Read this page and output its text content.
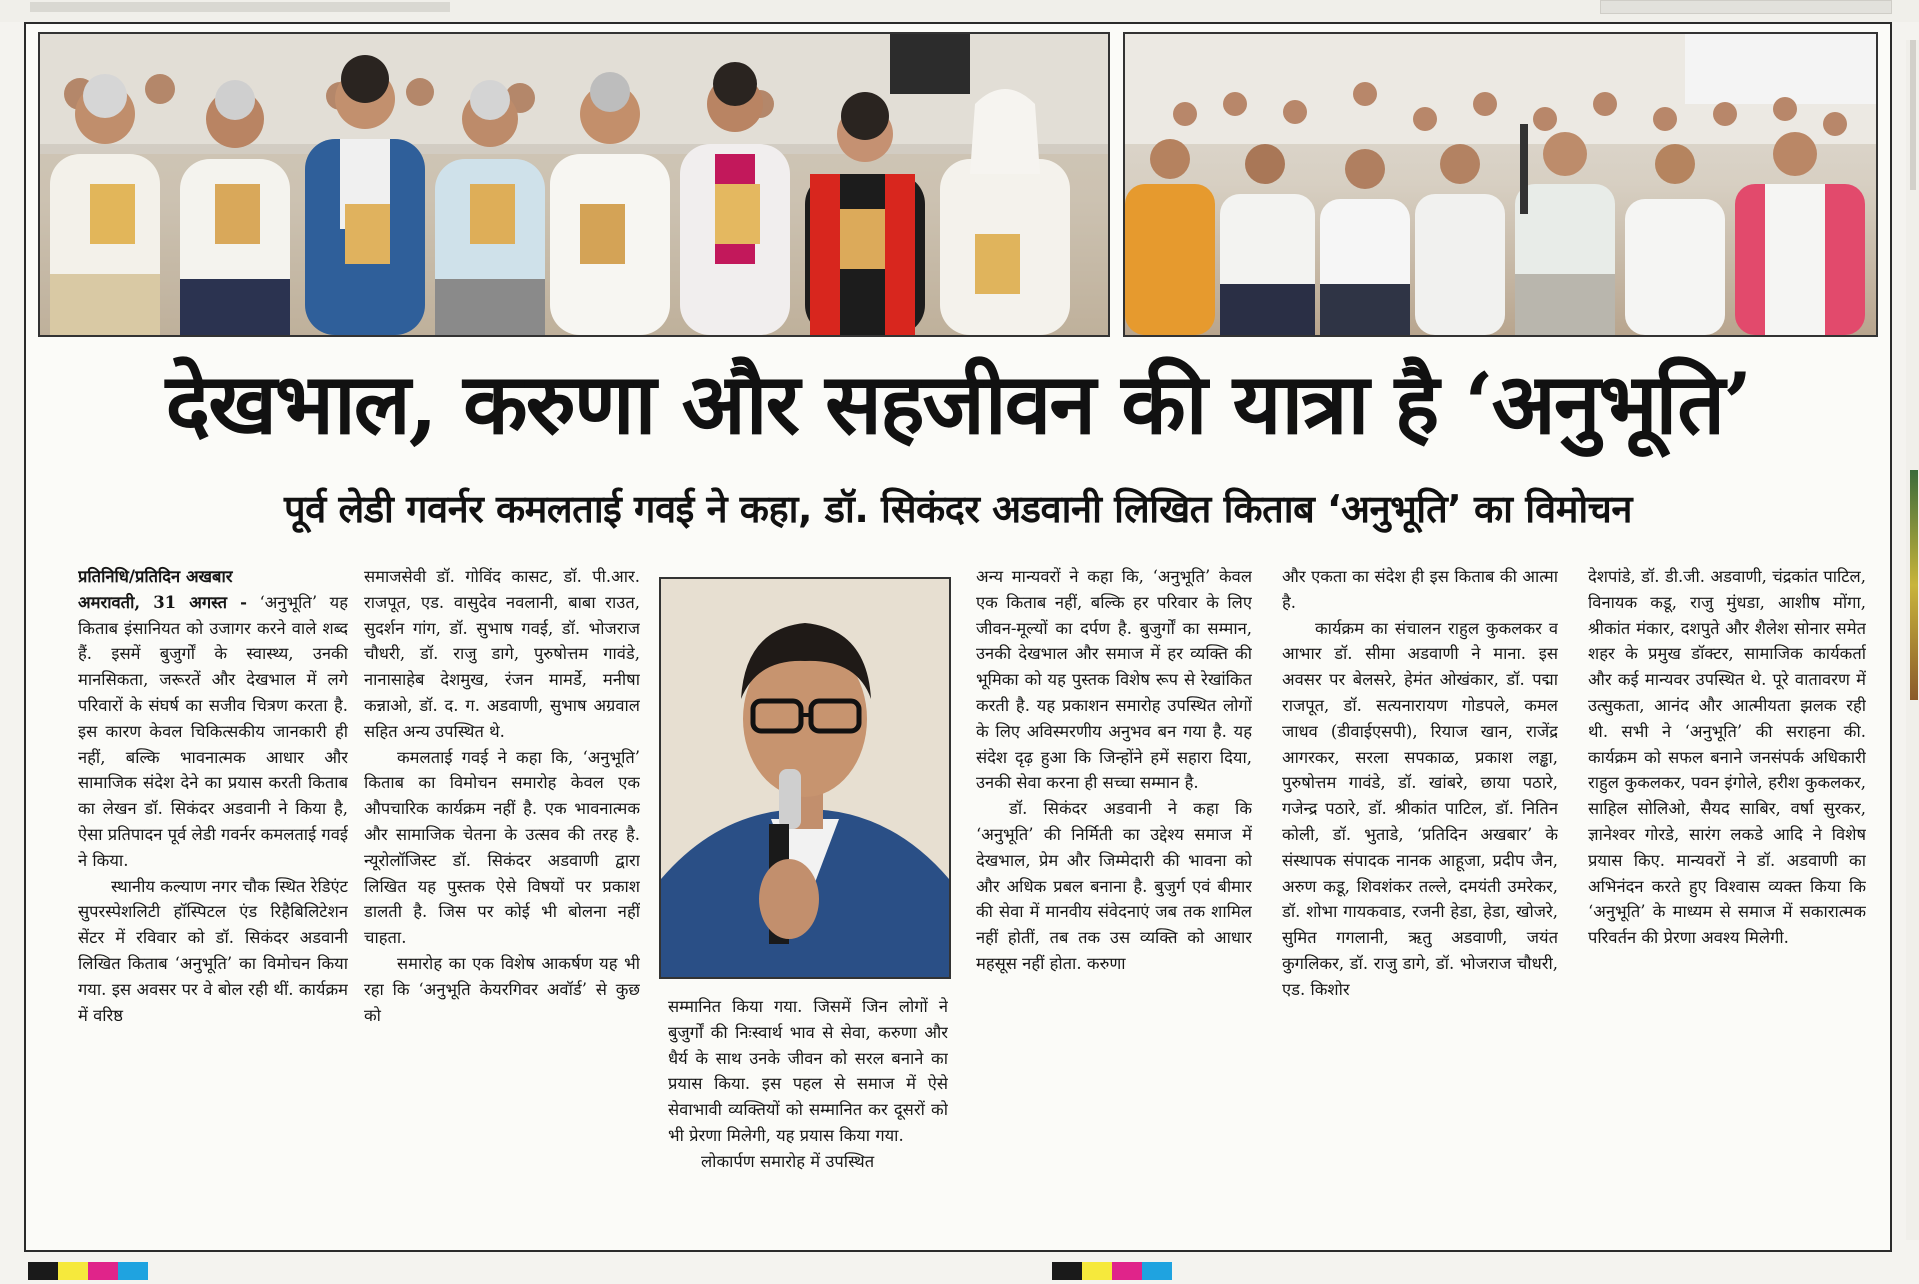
देखभाल, करुणा और सहजीवन की यात्रा है ‘अनुभूति’
पूर्व लेडी गवर्नर कमलताई गवई ने कहा, डॉ. सिकंदर अडवानी लिखित किताब ‘अनुभूति’ का विमोचन

प्रतिनिधि/प्रतिदिन अखबार

अमरावती, 31 अगस्त - ‘अनुभूति’ यह किताब इंसानियत को उजागर करने वाले शब्द हैं. इसमें बुजुर्गों के स्वास्थ्य, उनकी मानसिकता, जरूरतें और देखभाल में लगे परिवारों के संघर्ष का सजीव चित्रण करता है. इस कारण केवल चिकित्सकीय जानकारी ही नहीं, बल्कि भावनात्मक आधार और सामाजिक संदेश देने का प्रयास करती किताब का लेखन डॉ. सिकंदर अडवानी ने किया है, ऐसा प्रतिपादन पूर्व लेडी गवर्नर कमलताई गवई ने किया.

स्थानीय कल्याण नगर चौक स्थित रेडिएंट सुपरस्पेशलिटी हॉस्पिटल एंड रिहैबिलिटेशन सेंटर में रविवार को डॉ. सिकंदर अडवानी लिखित किताब ‘अनुभूति’ का विमोचन किया गया. इस अवसर पर वे बोल रही थीं. कार्यक्रम में वरिष्ठ

समाजसेवी डॉ. गोविंद कासट, डॉ. पी.आर. राजपूत, एड. वासुदेव नवलानी, बाबा राउत, सुदर्शन गांग, डॉ. सुभाष गवई, डॉ. भोजराज चौधरी, डॉ. राजु डागे, पुरुषोत्तम गावंडे, नानासाहेब देशमुख, रंजन मामर्डे, मनीषा कन्नाओ, डॉ. द. ग. अडवाणी, सुभाष अग्रवाल सहित अन्य उपस्थित थे.

कमलताई गवई ने कहा कि, ‘अनुभूति’ किताब का विमोचन समारोह केवल एक औपचारिक कार्यक्रम नहीं है. एक भावनात्मक और सामाजिक चेतना के उत्सव की तरह है. न्यूरोलॉजिस्ट डॉ. सिकंदर अडवाणी द्वारा लिखित यह पुस्तक ऐसे विषयों पर प्रकाश डालती है. जिस पर कोई भी बोलना नहीं चाहता.

समारोह का एक विशेष आकर्षण यह भी रहा कि ‘अनुभूति केयरगिवर अवॉर्ड’ से कुछ को	सम्मानित किया गया. जिसमें जिन लोगों ने बुजुर्गों की निःस्वार्थ भाव से सेवा, करुणा और धैर्य के साथ उनके जीवन को सरल बनाने का प्रयास किया. इस पहल से समाज में ऐसे सेवाभावी व्यक्तियों को सम्मानित कर दूसरों को भी प्रेरणा मिलेगी, यह प्रयास किया गया.

लोकार्पण समारोह में उपस्थित

अन्य मान्यवरों ने कहा कि, ‘अनुभूति’ केवल एक किताब नहीं, बल्कि हर परिवार के लिए जीवन-मूल्यों का दर्पण है. बुजुर्गों का सम्मान, उनकी देखभाल और समाज में हर व्यक्ति की भूमिका को यह पुस्तक विशेष रूप से रेखांकित करती है. यह प्रकाशन समारोह उपस्थित लोगों के लिए अविस्मरणीय अनुभव बन गया है. यह संदेश दृढ़ हुआ कि जिन्होंने हमें सहारा दिया, उनकी सेवा करना ही सच्चा सम्मान है.

डॉ. सिकंदर अडवानी ने कहा कि ‘अनुभूति’ की निर्मिती का उद्देश्य समाज में देखभाल, प्रेम और जिम्मेदारी की भावना को और अधिक प्रबल बनाना है. बुजुर्ग एवं बीमार की सेवा में मानवीय संवेदनाएं जब तक शामिल नहीं होतीं, तब तक उस व्यक्ति को आधार महसूस नहीं होता. करुणा

और एकता का संदेश ही इस किताब की आत्मा है.

कार्यक्रम का संचालन राहुल कुकलकर व आभार डॉ. सीमा अडवाणी ने माना. इस अवसर पर बेलसरे, हेमंत ओखंकार, डॉ. पद्मा राजपूत, डॉ. सत्यनारायण गोडपले, कमल जाधव (डीवाईएसपी), रियाज खान, राजेंद्र आगरकर, सरला सपकाळ, प्रकाश लड्ढा, पुरुषोत्तम गावंडे, डॉ. खांबरे, छाया पठारे, गजेन्द्र पठारे, डॉ. श्रीकांत पाटिल, डॉ. नितिन कोली, डॉ. भुताडे, ‘प्रतिदिन अखबार’ के संस्थापक संपादक नानक आहूजा, प्रदीप जैन, अरुण कडू, शिवशंकर तल्ले, दमयंती उमरेकर, डॉ. शोभा गायकवाड, रजनी हेडा, हेडा, खोजरे, सुमित गगलानी, ऋतु अडवाणी, जयंत कुगलिकर, डॉ. राजु डागे, डॉ. भोजराज चौधरी, एड. किशोर

देशपांडे, डॉ. डी.जी. अडवाणी, चंद्रकांत पाटिल, विनायक कडू, राजु मुंधडा, आशीष मोंगा, श्रीकांत मंकार, दशपुते और शैलेश सोनार समेत शहर के प्रमुख डॉक्टर, सामाजिक कार्यकर्ता और कई मान्यवर उपस्थित थे. पूरे वातावरण में उत्सुकता, आनंद और आत्मीयता झलक रही थी. सभी ने ‘अनुभूति’ की सराहना की. कार्यक्रम को सफल बनाने जनसंपर्क अधिकारी राहुल कुकलकर, पवन इंगोले, हरीश कुकलकर, साहिल सोलिओ, सैयद साबिर, वर्षा सुरकर, ज्ञानेश्वर गोरडे, सारंग लकडे आदि ने विशेष प्रयास किए. मान्यवरों ने डॉ. अडवाणी का अभिनंदन करते हुए विश्वास व्यक्त किया कि ‘अनुभूति’ के माध्यम से समाज में सकारात्मक परिवर्तन की प्रेरणा अवश्य मिलेगी.
